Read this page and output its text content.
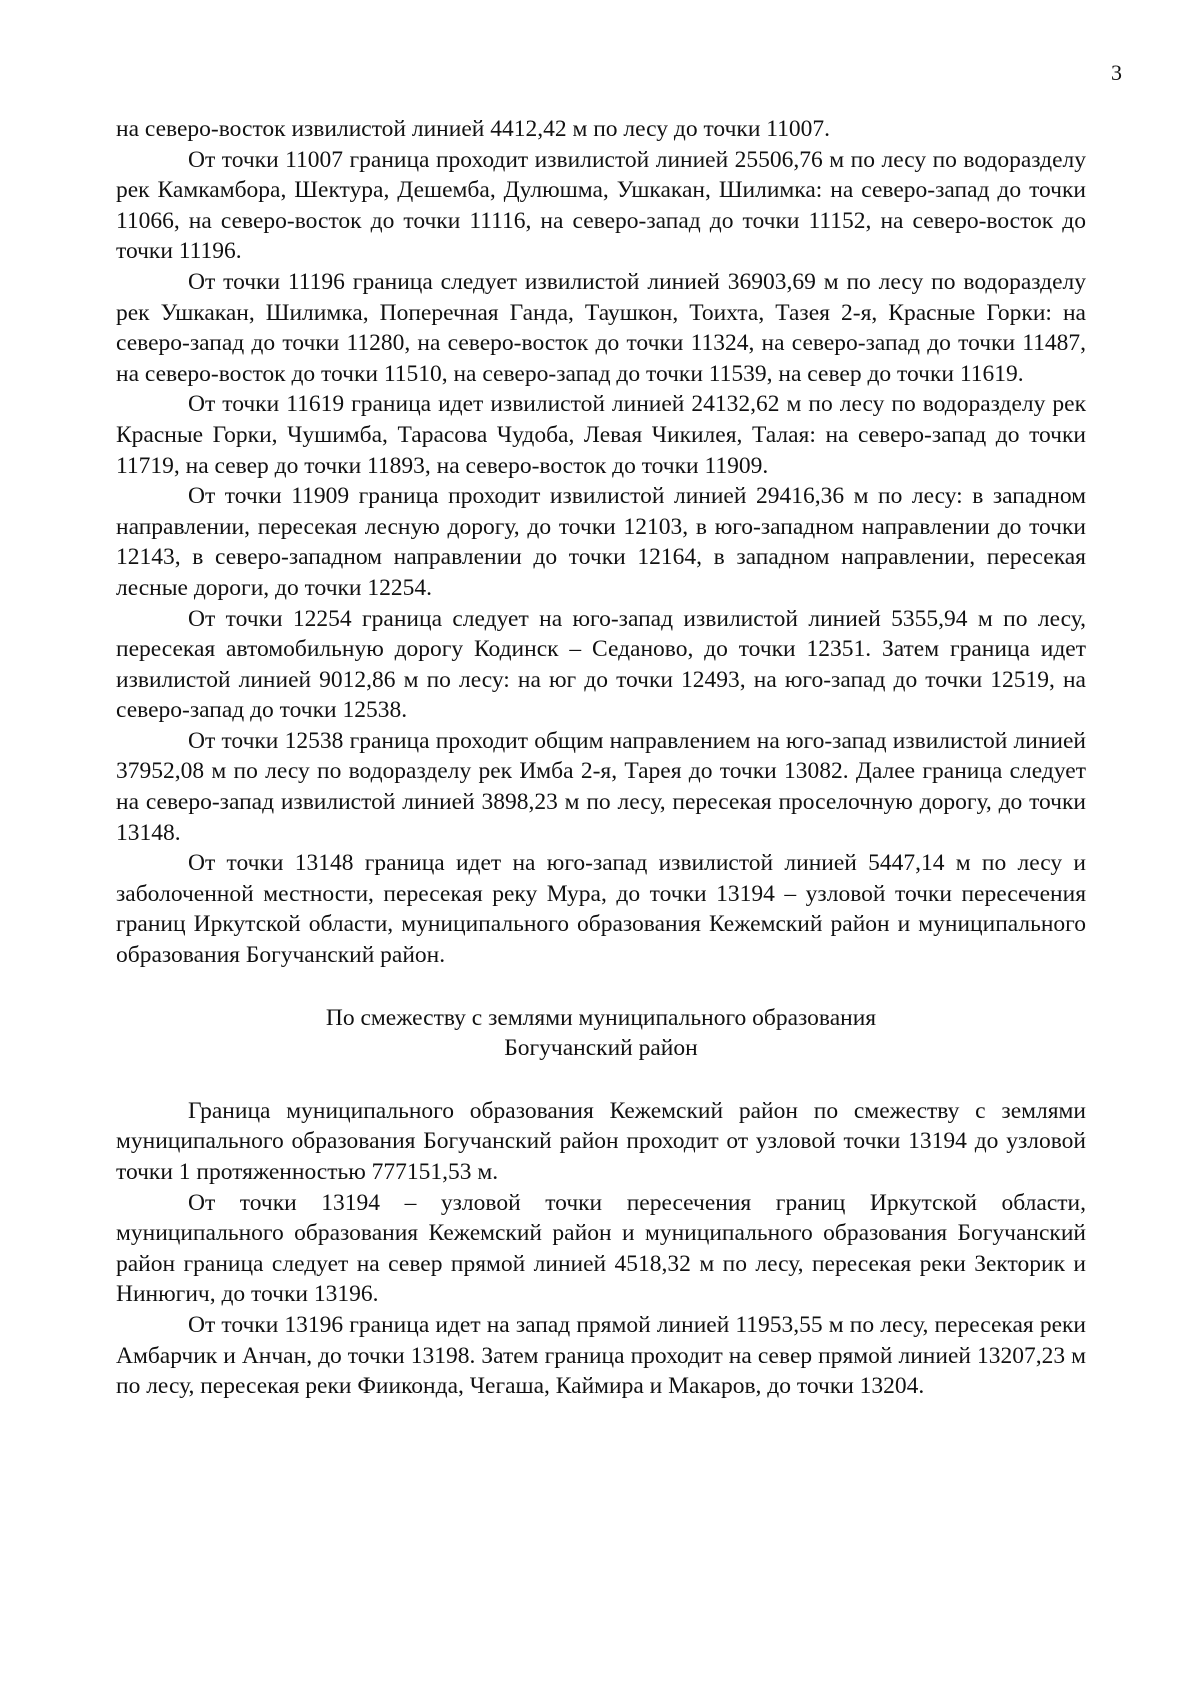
3

на северо-восток извилистой линией 4412,42 м по лесу до точки 11007.

От точки 11007 граница проходит извилистой линией 25506,76 м по лесу по водоразделу рек Камкамбора, Шектура, Дешемба, Дулюшма, Ушкакан, Шилимка: на северо-запад до точки 11066, на северо-восток до точки 11116, на северо-запад до точки 11152, на северо-восток до точки 11196.

От точки 11196 граница следует извилистой линией 36903,69 м по лесу по водоразделу рек Ушкакан, Шилимка, Поперечная Ганда, Таушкон, Тоихта, Тазея 2-я, Красные Горки: на северо-запад до точки 11280, на северо-восток до точки 11324, на северо-запад до точки 11487, на северо-восток до точки 11510, на северо-запад до точки 11539, на север до точки 11619.

От точки 11619 граница идет извилистой линией 24132,62 м по лесу по водоразделу рек Красные Горки, Чушимба, Тарасова Чудоба, Левая Чикилея, Талая: на северо-запад до точки 11719, на север до точки 11893, на северо-восток до точки 11909.

От точки 11909 граница проходит извилистой линией 29416,36 м по лесу: в западном направлении, пересекая лесную дорогу, до точки 12103, в юго-западном направлении до точки 12143, в северо-западном направлении до точки 12164, в западном направлении, пересекая лесные дороги, до точки 12254.

От точки 12254 граница следует на юго-запад извилистой линией 5355,94 м по лесу, пересекая автомобильную дорогу Кодинск – Седаново, до точки 12351. Затем граница идет извилистой линией 9012,86 м по лесу: на юг до точки 12493, на юго-запад до точки 12519, на северо-запад до точки 12538.

От точки 12538 граница проходит общим направлением на юго-запад извилистой линией 37952,08 м по лесу по водоразделу рек Имба 2-я, Тарея до точки 13082. Далее граница следует на северо-запад извилистой линией 3898,23 м по лесу, пересекая проселочную дорогу, до точки 13148.

От точки 13148 граница идет на юго-запад извилистой линией 5447,14 м по лесу и заболоченной местности, пересекая реку Мура, до точки 13194 – узловой точки пересечения границ Иркутской области, муниципального образования Кежемский район и муниципального образования Богучанский район.

По смежеству с землями муниципального образования
Богучанский район

Граница муниципального образования Кежемский район по смежеству с землями муниципального образования Богучанский район проходит от узловой точки 13194 до узловой точки 1 протяженностью 777151,53 м.

От точки 13194 – узловой точки пересечения границ Иркутской области, муниципального образования Кежемский район и муниципального образования Богучанский район граница следует на север прямой линией 4518,32 м по лесу, пересекая реки Зекторик и Нинюгич, до точки 13196.

От точки 13196 граница идет на запад прямой линией 11953,55 м по лесу, пересекая реки Амбарчик и Анчан, до точки 13198. Затем граница проходит на север прямой линией 13207,23 м по лесу, пересекая реки Фииконда, Чегаша, Каймира и Макаров, до точки 13204.
